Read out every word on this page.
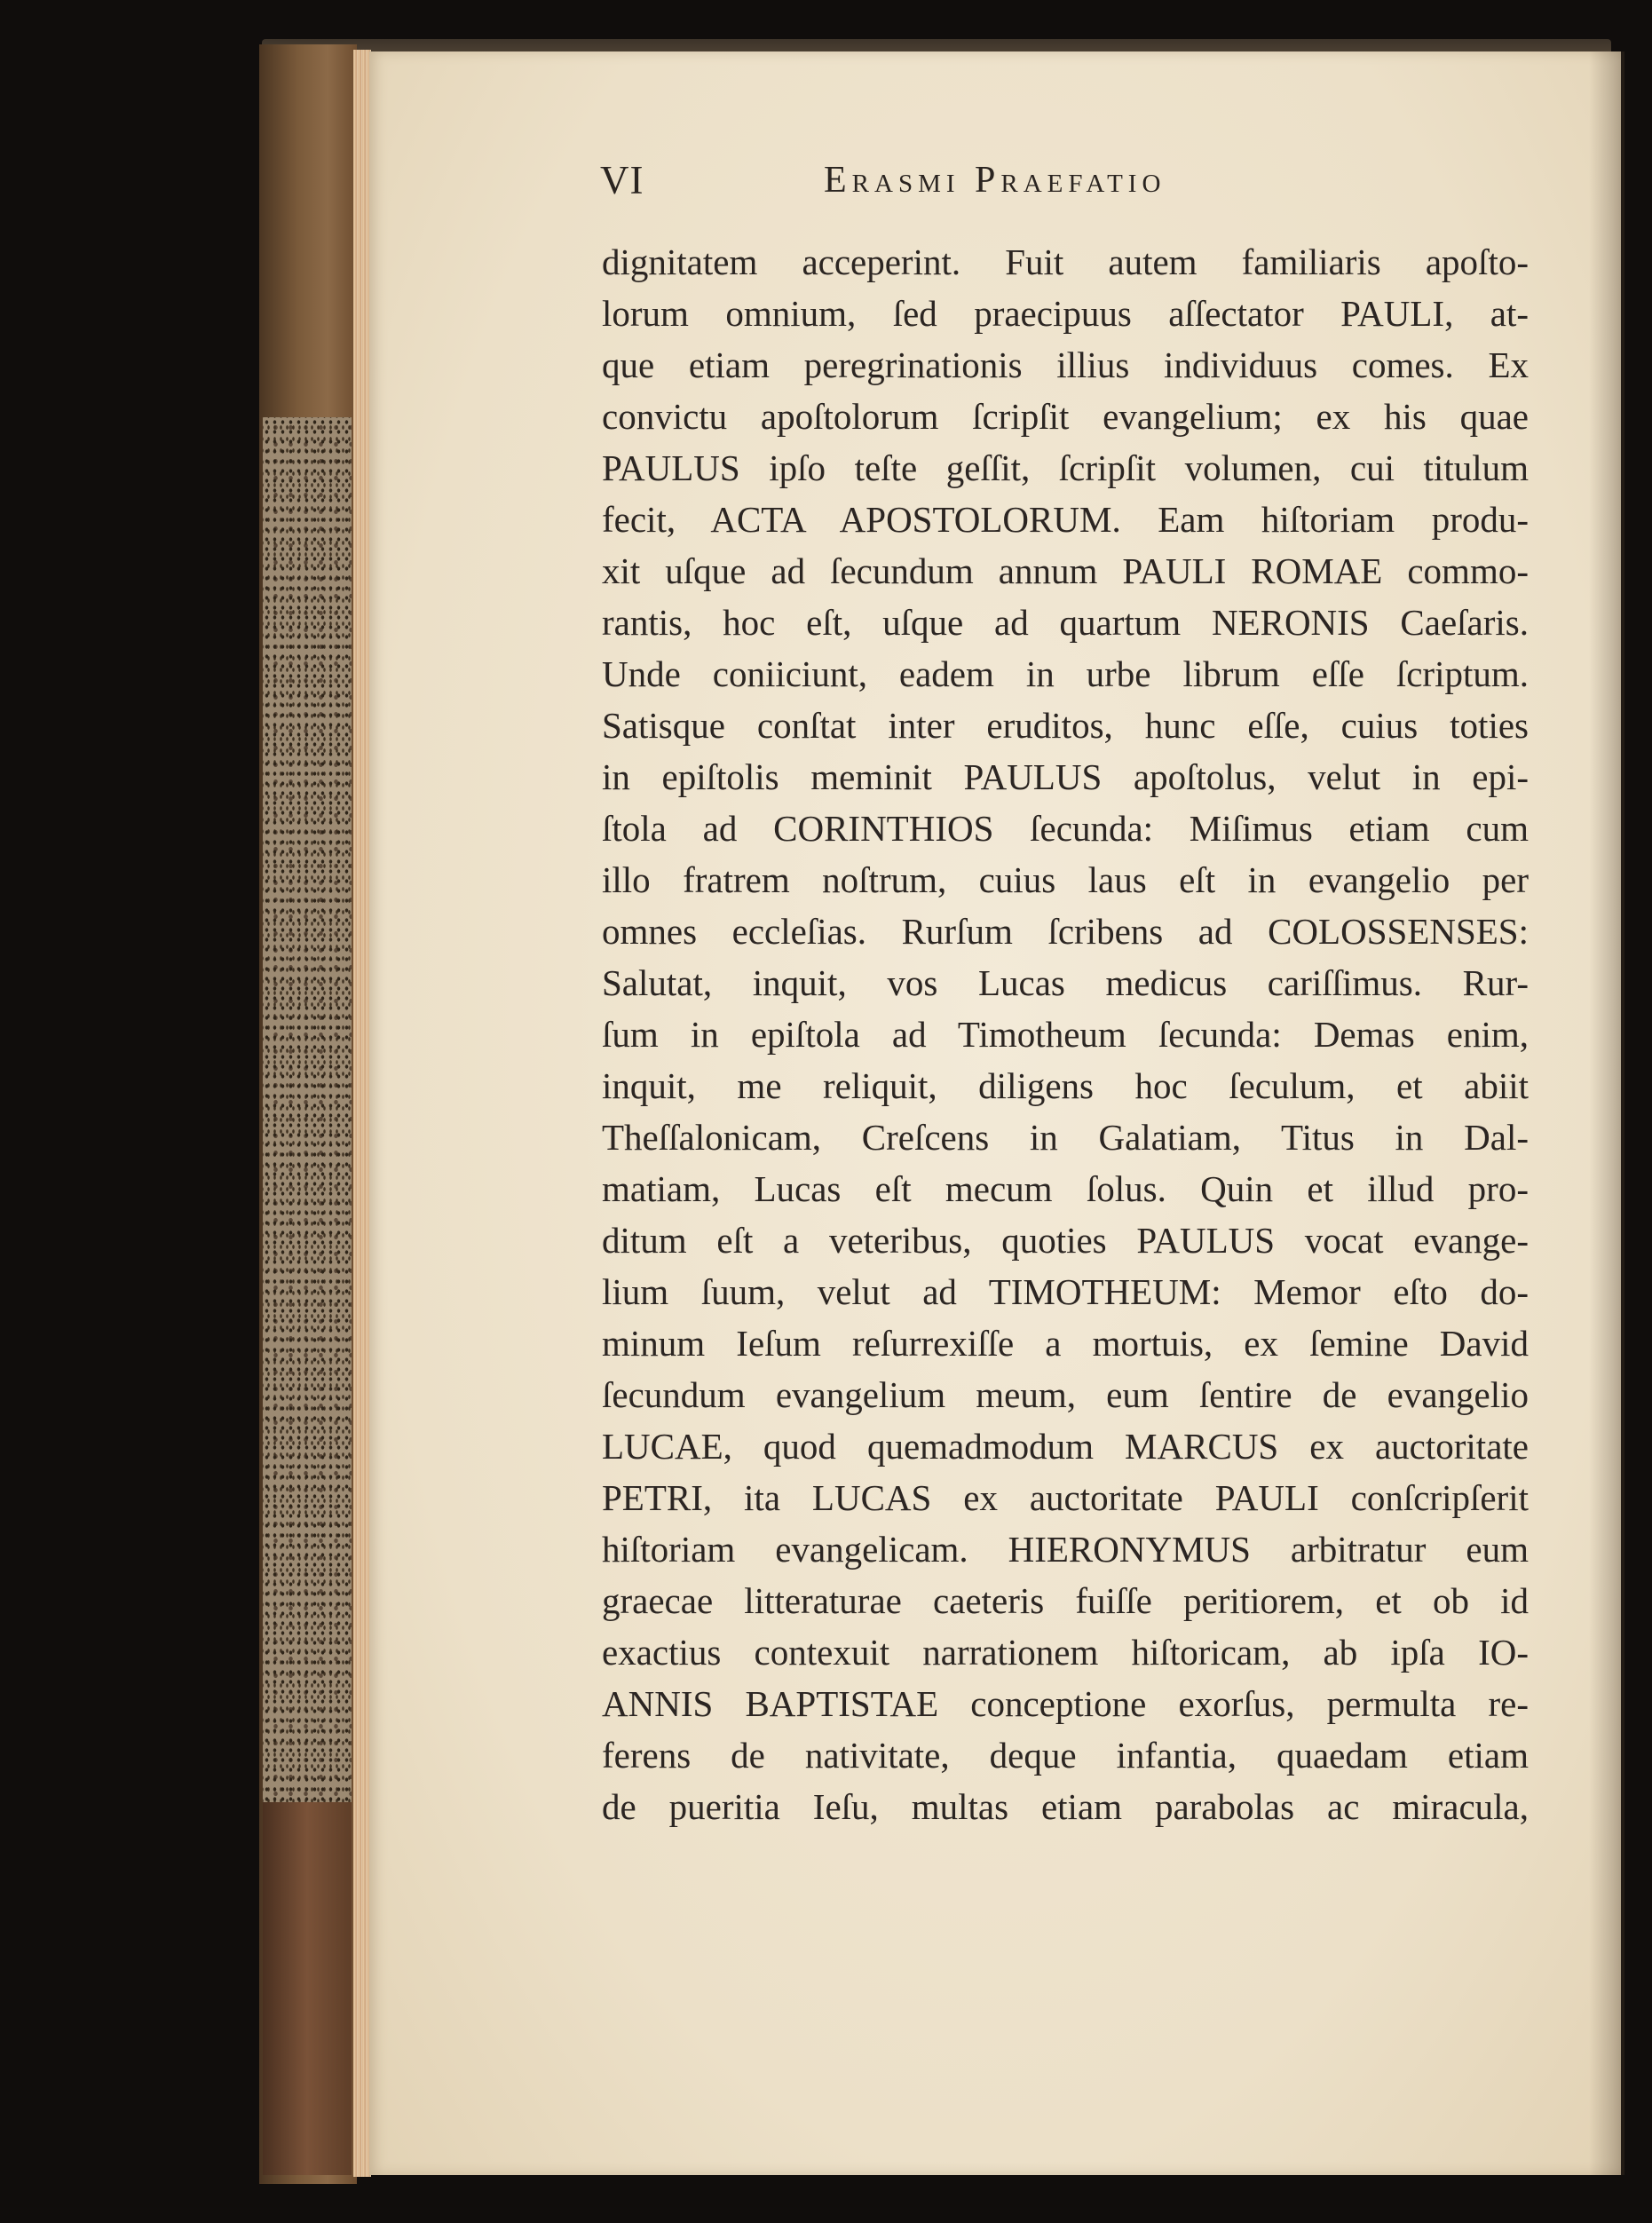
VI	Erasmi Praefatio
dignitatem acceperint. Fuit autem familiaris apoſto-
lorum omnium, ſed praecipuus aſſectator PAULI, at-
que etiam peregrinationis illius individuus comes. Ex
convictu apoſtolorum ſcripſit evangelium; ex his quae
PAULUS ipſo teſte geſſit, ſcripſit volumen, cui titulum
fecit, ACTA APOSTOLORUM. Eam hiſtoriam produ-
xit uſque ad ſecundum annum PAULI ROMAE commo-
rantis, hoc eſt, uſque ad quartum NERONIS Caeſaris.
Unde coniiciunt, eadem in urbe librum eſſe ſcriptum.
Satisque conſtat inter eruditos, hunc eſſe, cuius toties
in epiſtolis meminit PAULUS apoſtolus, velut in epi-
ſtola ad CORINTHIOS ſecunda: Miſimus etiam cum
illo fratrem noſtrum, cuius laus eſt in evangelio per
omnes eccleſias. Rurſum ſcribens ad COLOSSENSES:
Salutat, inquit, vos Lucas medicus cariſſimus. Rur-
ſum in epiſtola ad Timotheum ſecunda: Demas enim,
inquit, me reliquit, diligens hoc ſeculum, et abiit
Theſſalonicam, Creſcens in Galatiam, Titus in Dal-
matiam, Lucas eſt mecum ſolus. Quin et illud pro-
ditum eſt a veteribus, quoties PAULUS vocat evange-
lium ſuum, velut ad TIMOTHEUM: Memor eſto do-
minum Ieſum reſurrexiſſe a mortuis, ex ſemine David
ſecundum evangelium meum, eum ſentire de evangelio
LUCAE, quod quemadmodum MARCUS ex auctoritate
PETRI, ita LUCAS ex auctoritate PAULI conſcripſerit
hiſtoriam evangelicam. HIERONYMUS arbitratur eum
graecae litteraturae caeteris fuiſſe peritiorem, et ob id
exactius contexuit narrationem hiſtoricam, ab ipſa IO-
ANNIS BAPTISTAE conceptione exorſus, permulta re-
ferens de nativitate, deque infantia, quaedam etiam
de pueritia Ieſu, multas etiam parabolas ac miracula,
